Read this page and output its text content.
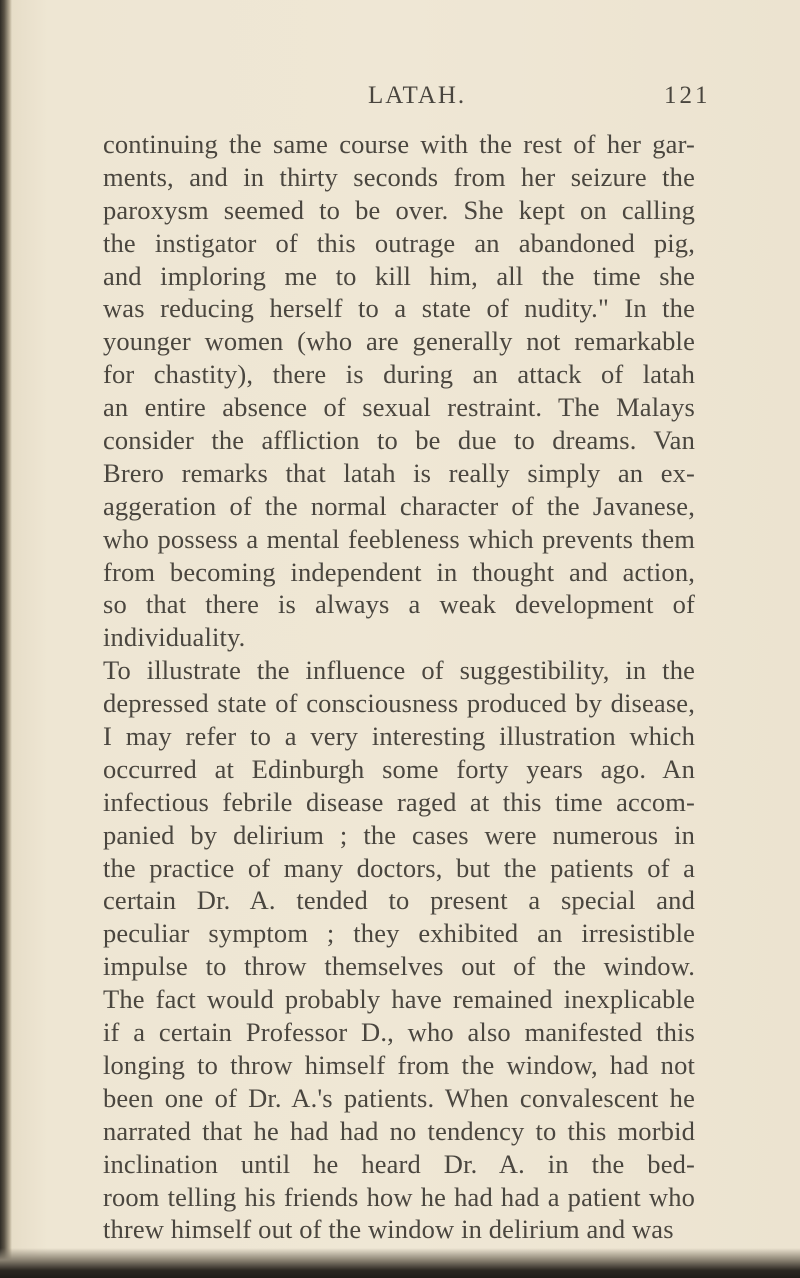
LATAH.	121
continuing the same course with the rest of her gar-
ments, and in thirty seconds from her seizure the
paroxysm seemed to be over. She kept on calling
the instigator of this outrage an abandoned pig,
and imploring me to kill him, all the time she
was reducing herself to a state of nudity." In the
younger women (who are generally not remarkable
for chastity), there is during an attack of latah
an entire absence of sexual restraint. The Malays
consider the affliction to be due to dreams. Van
Brero remarks that latah is really simply an ex-
aggeration of the normal character of the Javanese,
who possess a mental feebleness which prevents them
from becoming independent in thought and action,
so that there is always a weak development of
individuality.
To illustrate the influence of suggestibility, in the
depressed state of consciousness produced by disease,
I may refer to a very interesting illustration which
occurred at Edinburgh some forty years ago. An
infectious febrile disease raged at this time accom-
panied by delirium ; the cases were numerous in
the practice of many doctors, but the patients of a
certain Dr. A. tended to present a special and
peculiar symptom ; they exhibited an irresistible
impulse to throw themselves out of the window.
The fact would probably have remained inexplicable
if a certain Professor D., who also manifested this
longing to throw himself from the window, had not
been one of Dr. A.'s patients. When convalescent he
narrated that he had had no tendency to this morbid
inclination until he heard Dr. A. in the bed-
room telling his friends how he had had a patient who
threw himself out of the window in delirium and was
